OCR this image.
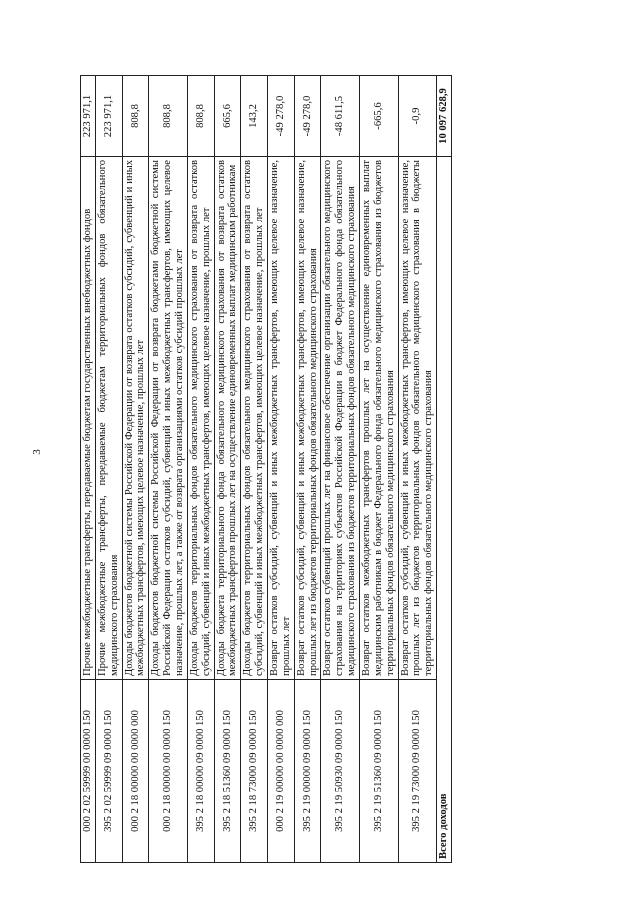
3
000 2 02 59999 00 0000 150	Прочие межбюджетные трансферты, передаваемые бюджетам государственных внебюджетных фондов	223 971,1
395 2 02 59999 09 0000 150	Прочие межбюджетные трансферты, передаваемые бюджетам территориальных фондов обязательного медицинского страхования	223 971,1
000 2 18 00000 00 0000 000	Доходы бюджетов бюджетной системы Российской Федерации от возврата остатков субсидий, субвенций и иных межбюджетных трансфертов, имеющих целевое назначение, прошлых лет	808,8
000 2 18 00000 00 0000 150	Доходы бюджетов бюджетной системы Российской Федерации от возврата бюджетами бюджетной системы Российской Федерации остатков субсидий, субвенций и иных межбюджетных трансфертов, имеющих целевое назначение, прошлых лет, а также от возврата организациями остатков субсидий прошлых лет	808,8
395 2 18 00000 09 0000 150	Доходы бюджетов территориальных фондов обязательного медицинского страхования от возврата остатков субсидий, субвенций и иных межбюджетных трансфертов, имеющих целевое назначение, прошлых лет	808,8
395 2 18 51360 09 0000 150	Доходы бюджета территориального фонда обязательного медицинского страхования от возврата остатков межбюджетных трансфертов прошлых лет на осуществление единовременных выплат медицинским работникам	665,6
395 2 18 73000 09 0000 150	Доходы бюджетов территориальных фондов обязательного медицинского страхования от возврата остатков субсидий, субвенций и иных межбюджетных трансфертов, имеющих целевое назначение, прошлых лет	143,2
000 2 19 00000 00 0000 000	Возврат остатков субсидий, субвенций и иных межбюджетных трансфертов, имеющих целевое назначение, прошлых лет	-49 278,0
395 2 19 00000 09 0000 150	Возврат остатков субсидий, субвенций и иных межбюджетных трансфертов, имеющих целевое назначение, прошлых лет из бюджетов территориальных фондов обязательного медицинского страхования	-49 278,0
395 2 19 50930 09 0000 150	Возврат остатков субвенций прошлых лет на финансовое обеспечение организации обязательного медицинского страхования на территориях субъектов Российской Федерации в бюджет Федерального фонда обязательного медицинского страхования из бюджетов территориальных фондов обязательного медицинского страхования	-48 611,5
395 2 19 51360 09 0000 150	Возврат остатков межбюджетных трансфертов прошлых лет на осуществление единовременных выплат медицинским работникам в бюджет Федерального фонда обязательного медицинского страхования из бюджетов территориальных фондов обязательного медицинского страхования	-665,6
395 2 19 73000 09 0000 150	Возврат остатков субсидий, субвенций и иных межбюджетных трансфертов, имеющих целевое назначение, прошлых лет из бюджетов территориальных фондов обязательного медицинского страхования в бюджеты территориальных фондов обязательного медицинского страхования	-0,9
Всего доходов		10 097 628,9
